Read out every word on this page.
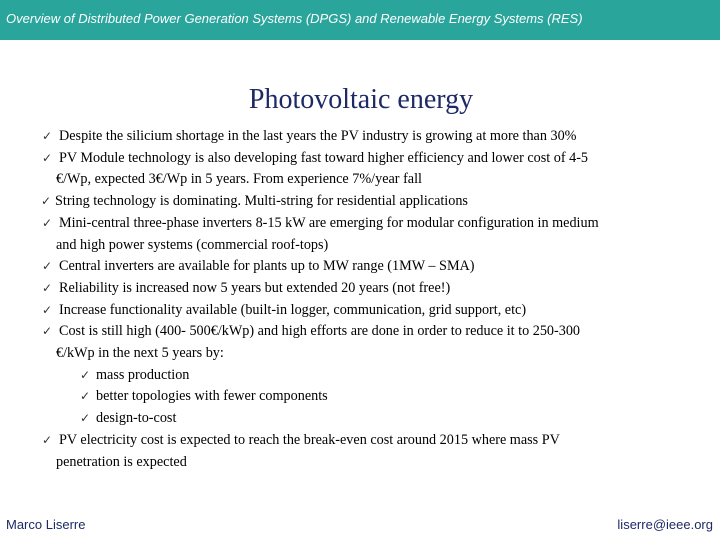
Overview of Distributed Power Generation Systems (DPGS) and Renewable Energy Systems (RES)
Photovoltaic energy
✓ Despite the silicium shortage in the last years the PV industry is growing at more than 30%
✓ PV Module technology is also developing fast toward higher efficiency and lower cost of 4-5
€/Wp, expected 3€/Wp in 5 years. From experience 7%/year fall
✓ String technology is dominating. Multi-string for residential applications
✓ Mini-central three-phase inverters 8-15 kW are emerging for modular configuration in medium
and high power systems (commercial roof-tops)
✓ Central inverters are available for plants up to MW range (1MW – SMA)
✓ Reliability is increased now 5 years but extended 20 years (not free!)
✓ Increase functionality available (built-in logger, communication, grid support, etc)
✓ Cost is still high (400- 500€/kWp) and high efforts are done in order to reduce it to 250-300
€/kWp in the next 5 years by:
✓ mass production
✓ better topologies with fewer components
✓ design-to-cost
✓ PV electricity cost is expected to reach the break-even cost around 2015 where mass PV
penetration is expected
Marco Liserre	liserre@ieee.org
